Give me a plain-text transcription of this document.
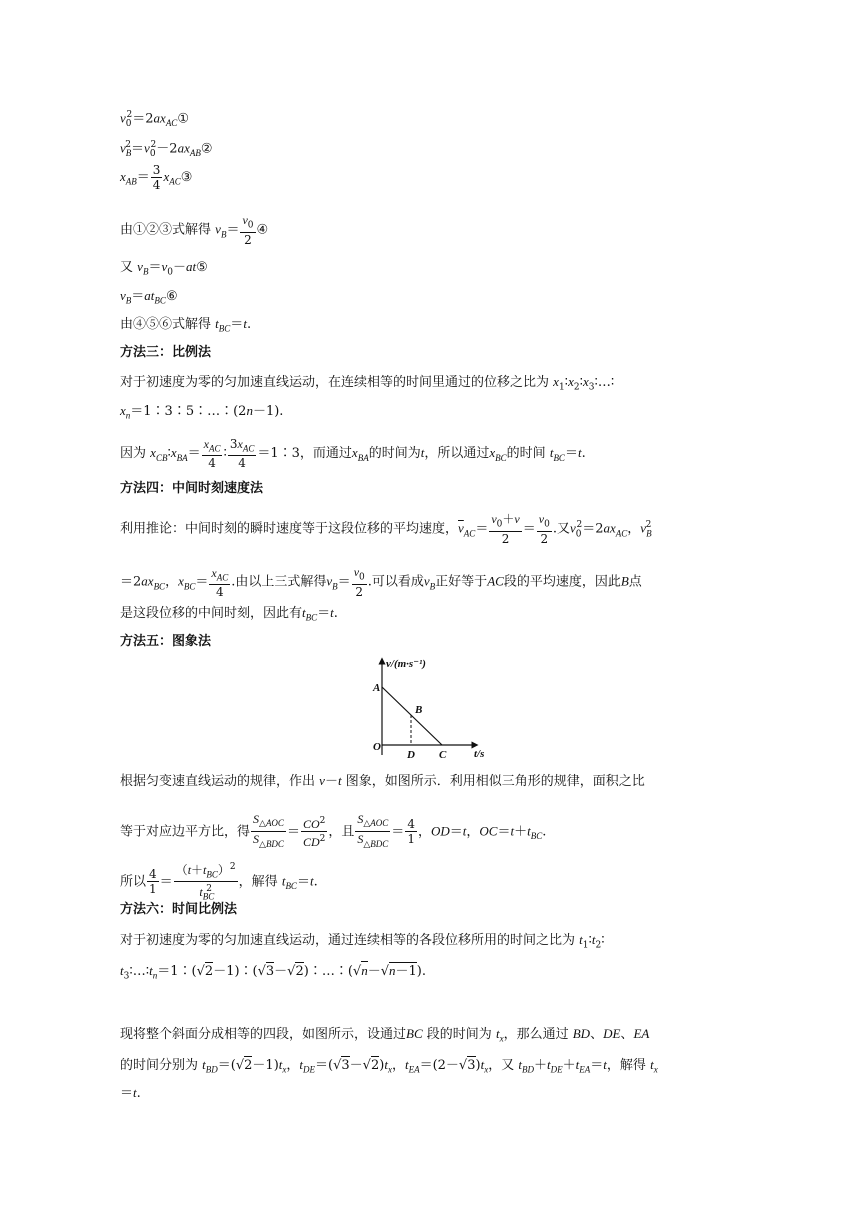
$v_0^2=2ax_{AC}①$
$v_B^2=v_0^2-2ax_{AB}②$
$x_{AB}= \frac{3}{4}$ $x_{AC}③$
由①②③式解得 $v_B= \frac{v_0}{2}$ ④
又 $v_B=v_0-at⑤$
$v_B=at_{BC}⑥$
由④⑤⑥式解得 $t_{BC}=t$.
方法三：比例法
对于初速度为零的匀加速直线运动，在连续相等的时间里通过的位移之比为 $x_1∶x_2∶x_3∶\dots∶$
$x_n=1∶3∶5∶\dots∶(2n-1)$.
因为 $x_{CB}∶x_{BA}= \frac{x_{AC}}{4}$ ∶ $\frac{3x_{AC}}{4}$ ＝1∶3，而通过$x_{BA}$的时间为t，所以通过$x_{BC}$的时间 $t_{BC}=t$.
方法四：中间时刻速度法
利用推论：中间时刻的瞬时速度等于这段位移的平均速度，$\overline{v}_{AC}= \frac{v_0+v}{2} = \frac{v_0}{2}$ .又$v_0^2=2ax_{AC}$，$v_B^2$
$=2ax_{BC}$，$x_{BC}= \frac{x_{AC}}{4}$ .由以上三式解得$v_B= \frac{v_0}{2}$ .可以看成$v_B$正好等于AC段的平均速度，因此B点
是这段位移的中间时刻，因此有$t_{BC}=t$.
方法五：图象法
v/(m·s⁻¹)
t/s
A
B
O
D C
根据匀变速直线运动的规律，作出 v－t 图象，如图所示．利用相似三角形的规律，面积之比
等于对应边平方比，得 $\frac{S_{\triangle AOC}}{S_{\triangle BDC}} = \frac{CO^2}{CD^2}$ ，且 $\frac{S_{\triangle AOC}}{S_{\triangle BDC}} = \frac{4}{1}$ ，OD＝t，$OC=t+t_{BC}$.
所以 $\frac{4}{1} = \frac{(t+t_{BC})^2}{t_{BC}^2}$ ，解得 $t_{BC}=t$.
方法六：时间比例法
对于初速度为零的匀加速直线运动，通过连续相等的各段位移所用的时间之比为 $t_1∶t_2∶$
$t_3∶\dots∶t_n=1∶(√2-1)∶(√3-√2)∶\dots∶(√n-√n-1)$.
现将整个斜面分成相等的四段，如图所示，设通过BC 段的时间为 $t_x$，那么通过 BD、DE、EA
的时间分别为 $t_{BD}=(√2-1)t_x$，$t_{DE}=(√3-√2)t_x$，$t_{EA}=(2-√3)t_x$，又 $t_{BD}+t_{DE}+t_{EA}=t$，解得 $t_x$
＝t.
